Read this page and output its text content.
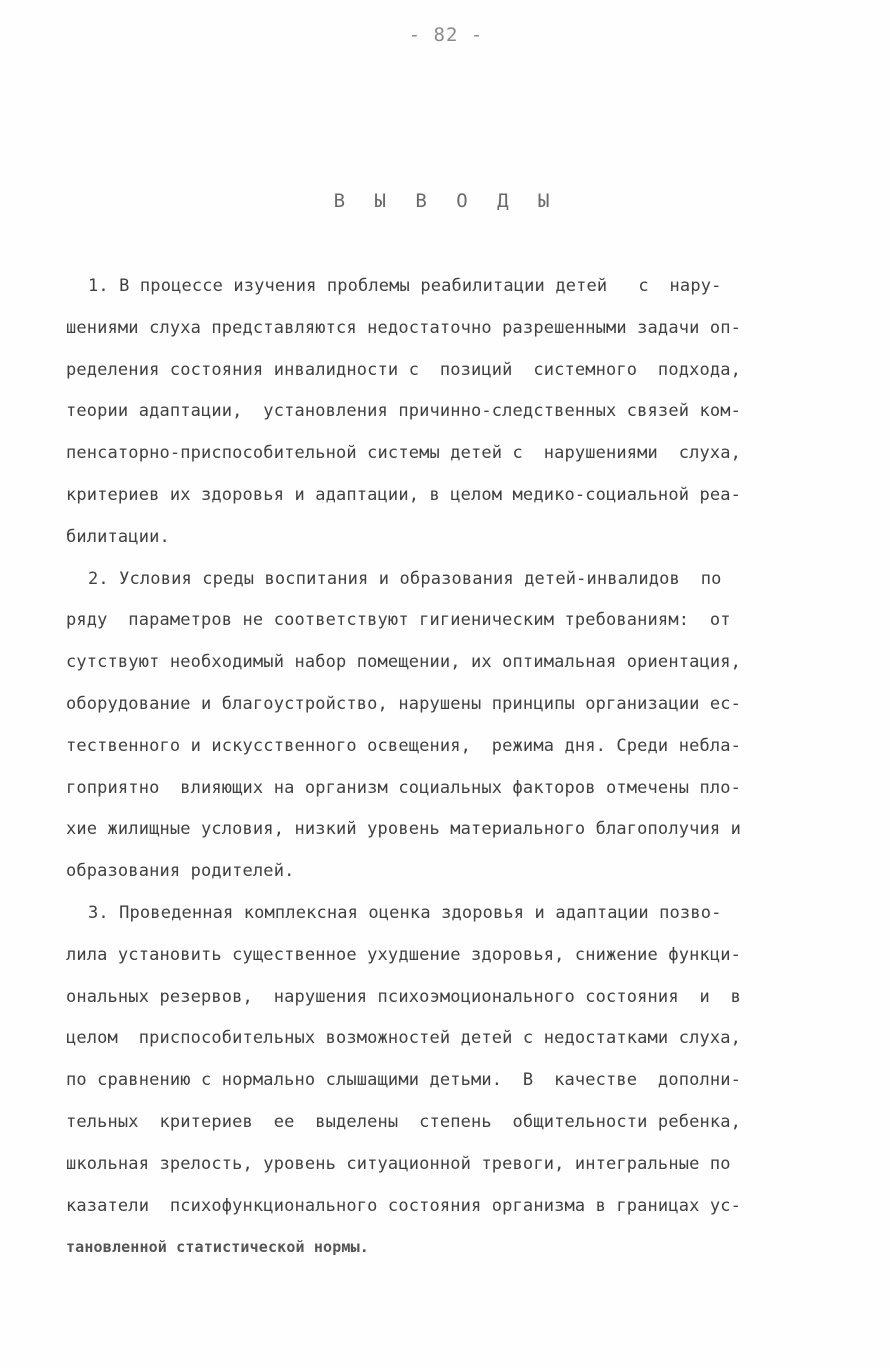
- 82 -
В Ы В О Д Ы
1. В процессе изучения проблемы реабилитации детей   с  нару-
шениями слуха представляются недостаточно разрешенными задачи оп-
ределения состояния инвалидности с  позиций  системного  подхода,
теории адаптации,  установления причинно-следственных связей ком-
пенсаторно-приспособительной системы детей с  нарушениями  слуха,
критериев их здоровья и адаптации, в целом медико-социальной реа-
билитации.
2. Условия среды воспитания и образования детей-инвалидов  по
ряду  параметров не соответствуют гигиеническим требованиям:  от
сутствуют необходимый набор помещении, их оптимальная ориентация,
оборудование и благоустройство, нарушены принципы организации ес-
тественного и искусственного освещения,  режима дня. Среди небла-
гоприятно  влияющих на организм социальных факторов отмечены пло-
хие жилищные условия, низкий уровень материального благополучия и
образования родителей.
3. Проведенная комплексная оценка здоровья и адаптации позво-
лила установить существенное ухудшение здоровья, снижение функци-
ональных резервов,  нарушения психоэмоционального состояния  и  в
целом  приспособительных возможностей детей с недостатками слуха,
по сравнению с нормально слышащими детьми.  В  качестве  дополни-
тельных  критериев  ее  выделены  степень  общительности ребенка,
школьная зрелость, уровень ситуационной тревоги, интегральные по
казатели  психофункционального состояния организма в границах ус-
тановленной статистической нормы.
